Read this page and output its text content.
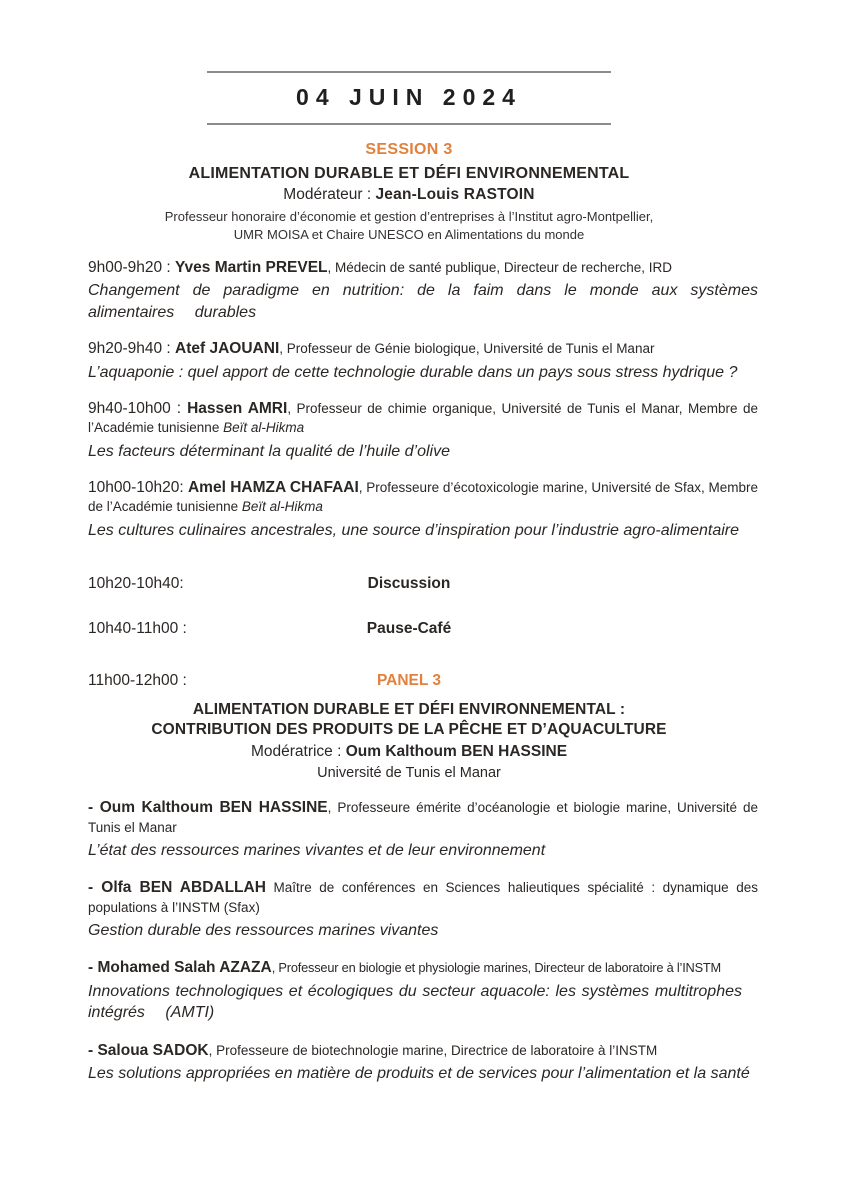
04 JUIN 2024
SESSION 3
ALIMENTATION DURABLE ET DÉFI ENVIRONNEMENTAL
Modérateur : Jean-Louis RASTOIN
Professeur honoraire d’économie et gestion d’entreprises à l’Institut agro-Montpellier,
UMR MOISA et Chaire UNESCO en Alimentations du monde

9h00-9h20 : Yves Martin PREVEL, Médecin de santé publique, Directeur de recherche, IRD

Changement de paradigme en nutrition: de la faim dans le monde aux systèmes alimentaires  durables

9h20-9h40 : Atef JAOUANI, Professeur de Génie biologique, Université de Tunis el Manar

L’aquaponie : quel apport de cette technologie durable dans un pays sous stress hydrique ?

9h40-10h00 : Hassen AMRI, Professeur de chimie organique, Université de Tunis el Manar, Membre de l’Académie tunisienne Beït al-Hikma

Les facteurs déterminant la qualité de l’huile d’olive

10h00-10h20: Amel HAMZA CHAFAAI, Professeure d’écotoxicologie marine, Université de Sfax, Membre de l’Académie tunisienne Beït al-Hikma

Les cultures culinaires ancestrales, une source d’inspiration pour l’industrie agro-alimentaire

10h20-10h40:	Discussion
10h40-11h00 :	Pause-Café
11h00-12h00 :	PANEL 3
ALIMENTATION DURABLE ET DÉFI ENVIRONNEMENTAL :
CONTRIBUTION DES PRODUITS DE LA PÊCHE ET D’AQUACULTURE
Modératrice : Oum Kalthoum BEN HASSINE
Université de Tunis el Manar

- Oum Kalthoum BEN HASSINE, Professeure émérite d’océanologie et biologie marine, Université de Tunis el Manar

L’état des ressources marines vivantes et de leur environnement

- Olfa BEN ABDALLAH Maître de conférences en Sciences halieutiques spécialité : dynamique des populations à l’INSTM (Sfax)

Gestion durable des ressources marines vivantes

- Mohamed Salah AZAZA, Professeur en biologie et physiologie marines, Directeur de laboratoire à l’INSTM

Innovations technologiques et écologiques du secteur aquacole: les systèmes multitrophes  intégrés  (AMTI)

- Saloua SADOK, Professeure de biotechnologie marine, Directrice de laboratoire à l’INSTM

Les solutions appropriées en matière de produits et de services pour l’alimentation et la santé
